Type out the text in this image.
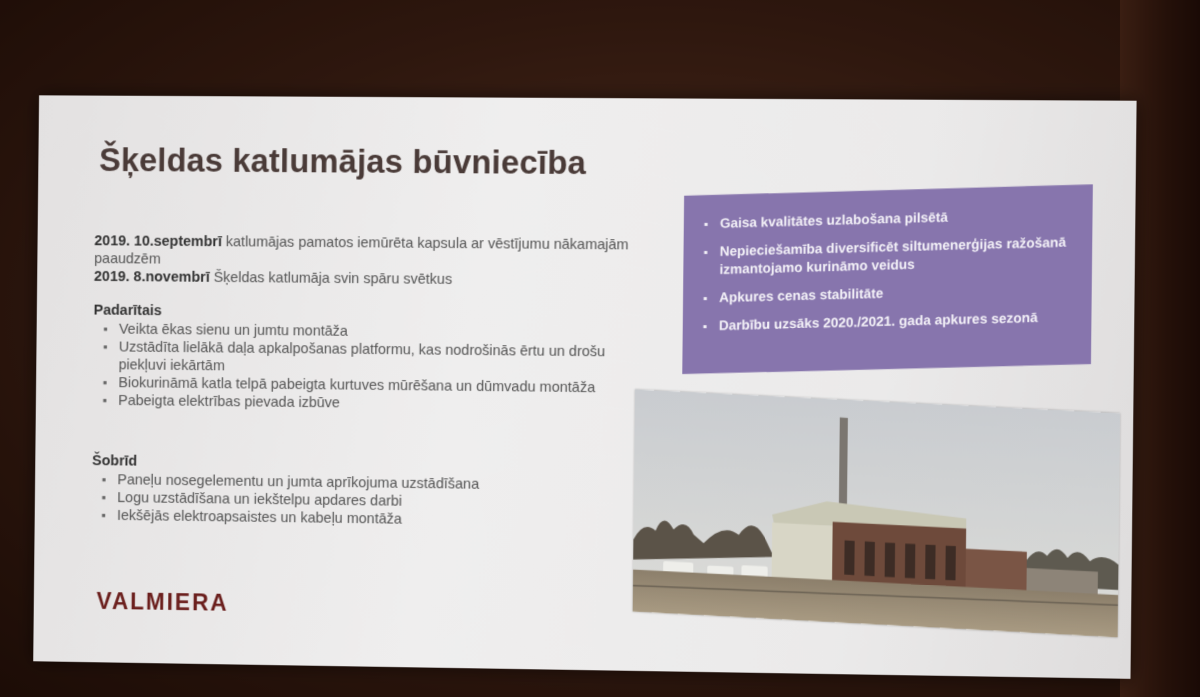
Šķeldas katlumājas būvniecība

2019. 10.septembrī katlumājas pamatos iemūrēta kapsula ar vēstījumu nākamajām paaudzēm

2019. 8.novembrī Šķeldas katlumāja svin spāru svētkus

Padarītais
▪ Veikta ēkas sienu un jumtu montāža
▪ Uzstādīta lielākā daļa apkalpošanas platformu, kas nodrošinās ērtu un drošu piekļuvi iekārtām
▪ Biokurināmā katla telpā pabeigta kurtuves mūrēšana un dūmvadu montāža
▪ Pabeigta elektrības pievada izbūve
Šobrīd
▪ Paneļu nosegelementu un jumta aprīkojuma uzstādīšana
▪ Logu uzstādīšana un iekštelpu apdares darbi
▪ Iekšējās elektroapsaistes un kabeļu montāža
▪ Gaisa kvalitātes uzlabošana pilsētā
▪ Nepieciešamība diversificēt siltumenerģijas ražošanā izmantojamo kurināmo veidus
▪ Apkures cenas stabilitāte
▪ Darbību uzsāks 2020./2021. gada apkures sezonā
VALMIERA
